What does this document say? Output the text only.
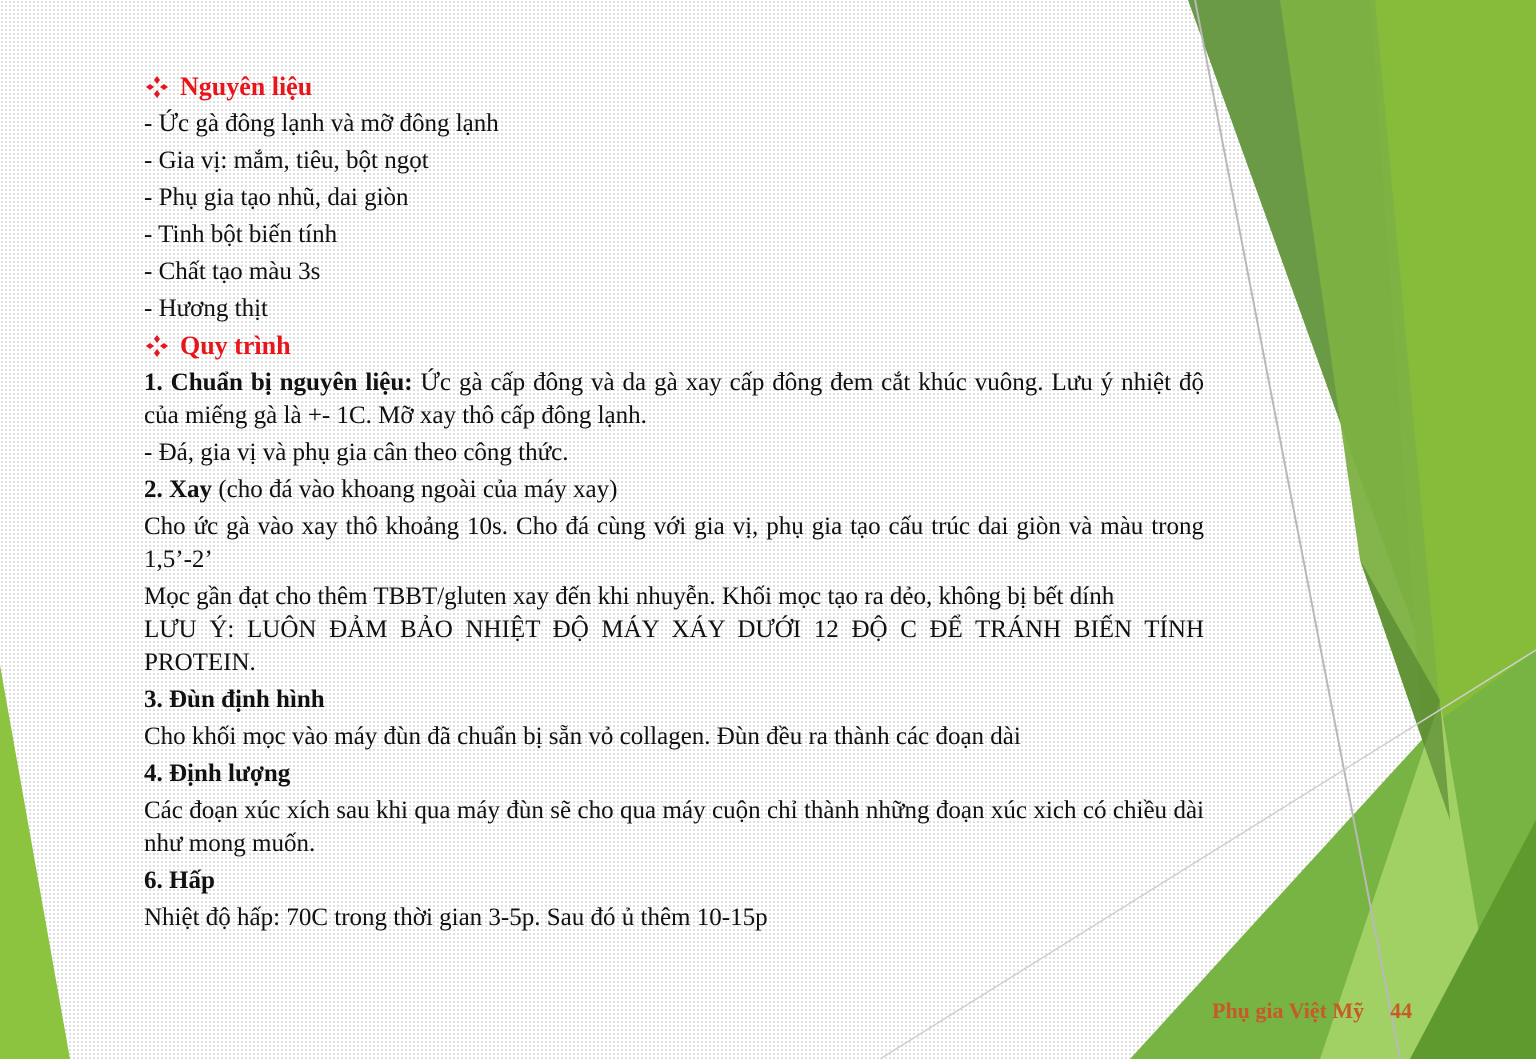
Nguyên liệu

- Ức gà đông lạnh và mỡ đông lạnh

- Gia vị: mắm, tiêu, bột ngọt

- Phụ gia tạo nhũ, dai giòn

- Tinh bột biến tính

- Chất tạo màu 3s

- Hương thịt

Quy trình

1. Chuẩn bị nguyên liệu: Ức gà cấp đông và da gà xay cấp đông đem cắt khúc vuông. Lưu ý nhiệt độ của miếng gà là +- 1C. Mỡ xay thô cấp đông lạnh.

- Đá, gia vị và phụ gia cân theo công thức.

2. Xay (cho đá vào khoang ngoài của máy xay)

Cho ức gà vào xay thô khoảng 10s. Cho đá cùng với gia vị, phụ gia tạo cấu trúc dai giòn và màu trong 1,5’-2’

Mọc gần đạt cho thêm TBBT/gluten xay đến khi nhuyễn. Khối mọc tạo ra dẻo, không bị bết dính

LƯU Ý: LUÔN ĐẢM BẢO NHIỆT ĐỘ MÁY XÁY DƯỚI 12 ĐỘ C ĐỂ TRÁNH BIẾN TÍNH PROTEIN.

3. Đùn định hình

Cho khối mọc vào máy đùn đã chuẩn bị sẵn vỏ collagen. Đùn đều ra thành các đoạn dài

4. Định lượng

Các đoạn xúc xích sau khi qua máy đùn sẽ cho qua máy cuộn chỉ thành những đoạn xúc xich có chiều dài như mong muốn.

6. Hấp

Nhiệt độ hấp: 70C trong thời gian 3-5p. Sau đó ủ thêm 10-15p

Phụ gia Việt Mỹ 44
